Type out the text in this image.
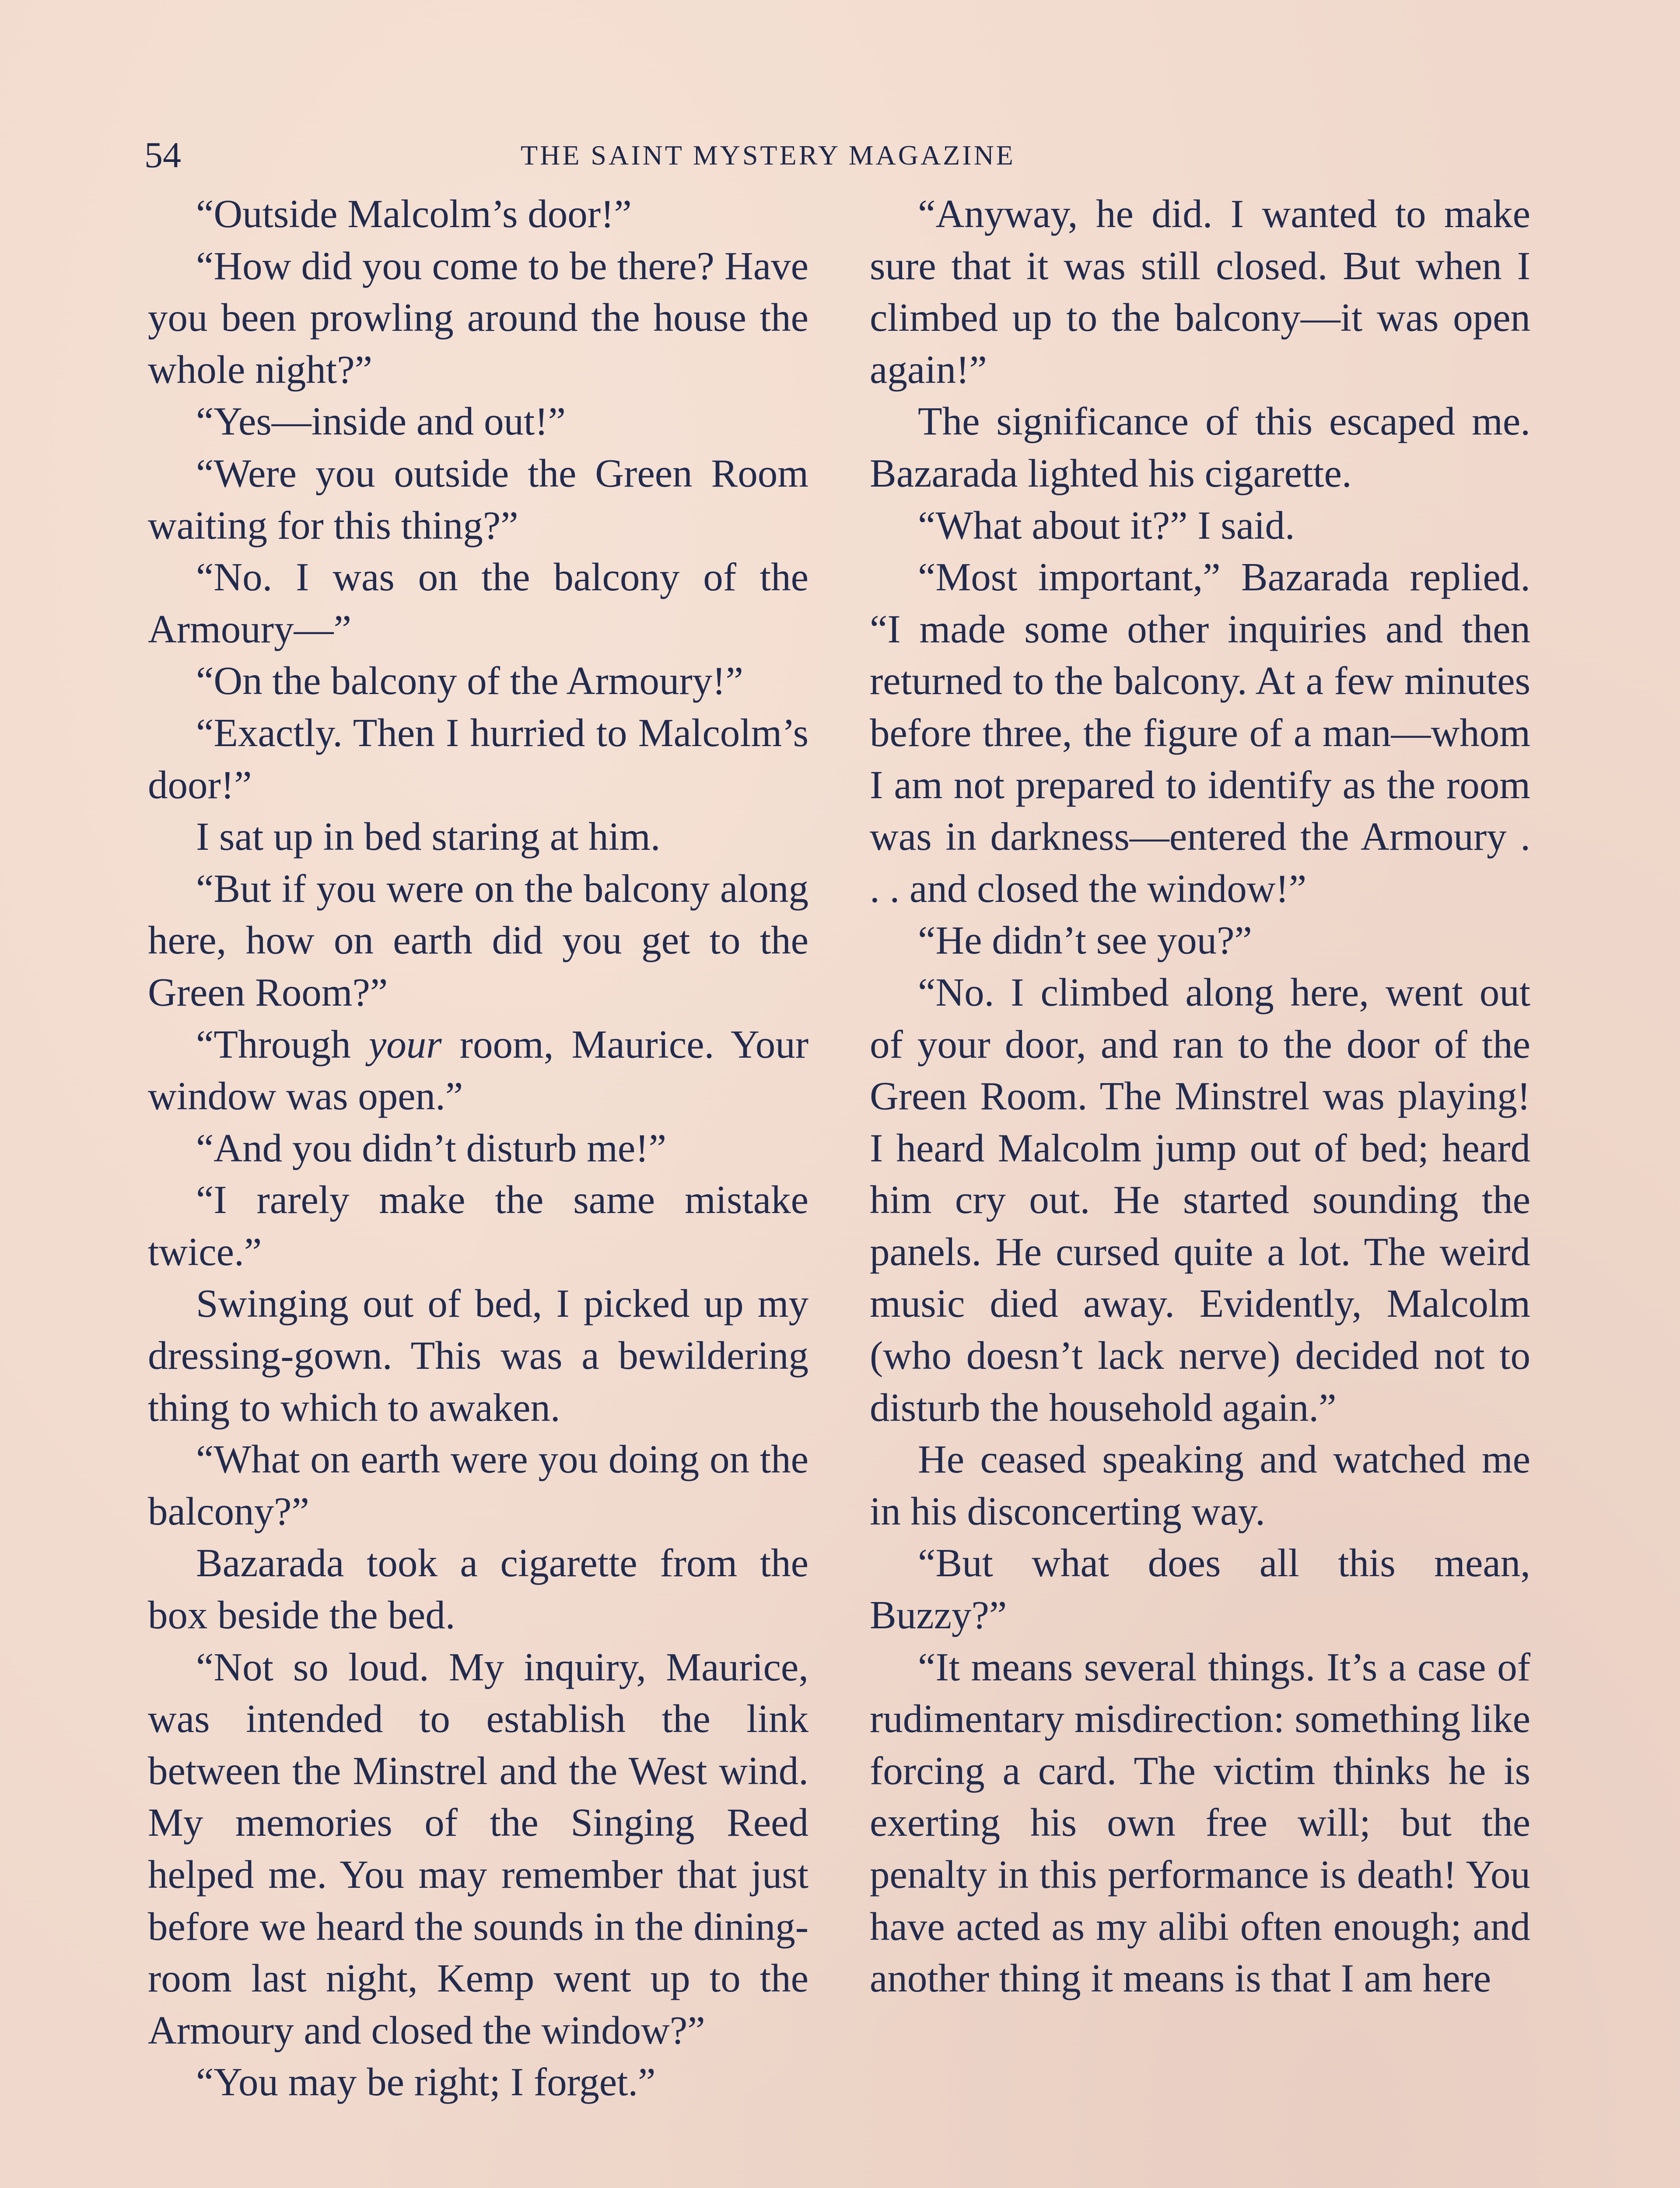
54	THE SAINT MYSTERY MAGAZINE

“Outside Malcolm’s door!”

“How did you come to be there? Have you been prowling around the house the whole night?”

“Yes—inside and out!”

“Were you outside the Green Room waiting for this thing?”

“No. I was on the balcony of the Armoury—”

“On the balcony of the Armoury!”

“Exactly. Then I hurried to Malcolm’s door!”

I sat up in bed staring at him.

“But if you were on the balcony along here, how on earth did you get to the Green Room?”

“Through your room, Maurice. Your window was open.”

“And you didn’t disturb me!”

“I rarely make the same mistake twice.”

Swinging out of bed, I picked up my dressing-gown. This was a bewildering thing to which to awaken.

“What on earth were you doing on the balcony?”

Bazarada took a cigarette from the box beside the bed.

“Not so loud. My inquiry, Maurice, was intended to establish the link between the Minstrel and the West wind. My memories of the Singing Reed helped me. You may remember that just before we heard the sounds in the dining-room last night, Kemp went up to the Armoury and closed the window?”

“You may be right; I forget.”

“Anyway, he did. I wanted to make sure that it was still closed. But when I climbed up to the balcony—it was open again!”

The significance of this escaped me. Bazarada lighted his cigarette.

“What about it?” I said.

“Most important,” Bazarada replied. “I made some other inquiries and then returned to the balcony. At a few minutes before three, the figure of a man—whom I am not prepared to identify as the room was in darkness—entered the Armoury . . . and closed the window!”

“He didn’t see you?”

“No. I climbed along here, went out of your door, and ran to the door of the Green Room. The Minstrel was playing! I heard Malcolm jump out of bed; heard him cry out. He started sounding the panels. He cursed quite a lot. The weird music died away. Evidently, Malcolm (who doesn’t lack nerve) decided not to disturb the household again.”

He ceased speaking and watched me in his disconcerting way.

“But what does all this mean, Buzzy?”

“It means several things. It’s a case of rudimentary misdirection: something like forcing a card. The victim thinks he is exerting his own free will; but the penalty in this performance is death! You have acted as my alibi often enough; and another thing it means is that I am here
